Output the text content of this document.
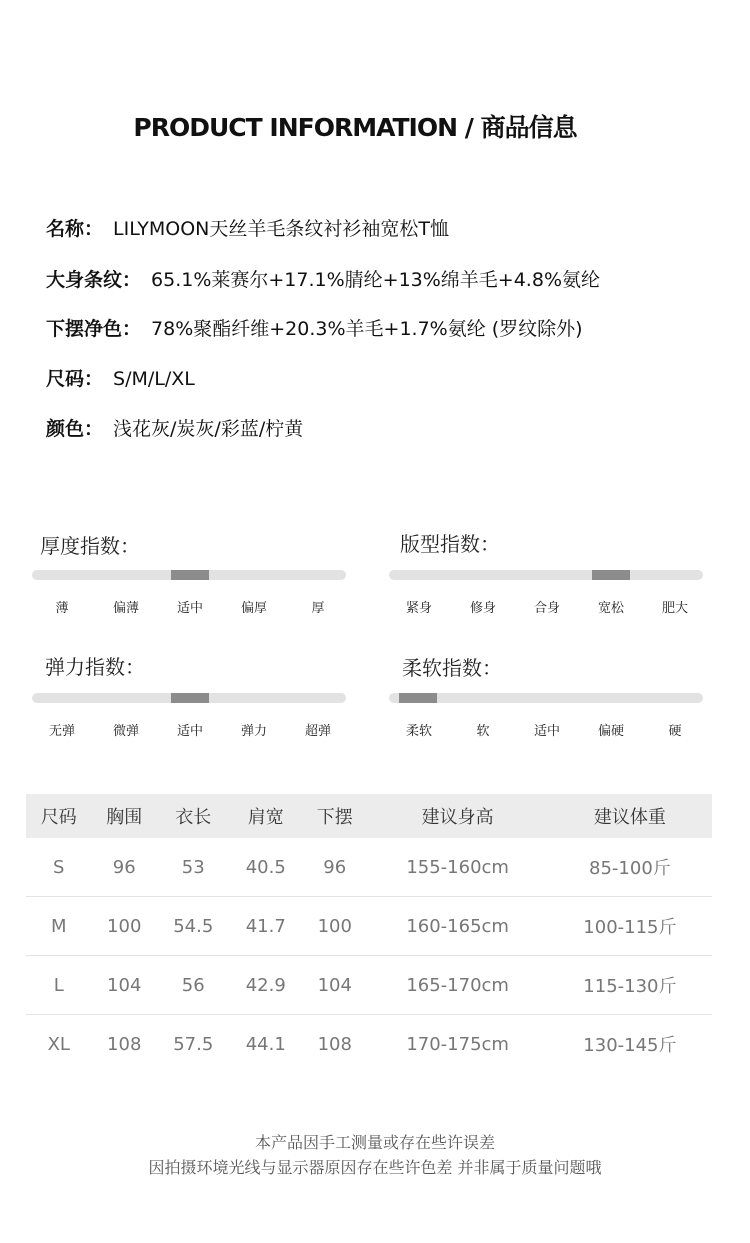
PRODUCT INFORMATION / 商品信息
名称： LILYMOON天丝羊毛条纹衬衫袖宽松T恤
大身条纹： 65.1%莱赛尔+17.1%腈纶+13%绵羊毛+4.8%氨纶
下摆净色： 78%聚酯纤维+20.3%羊毛+1.7%氨纶 (罗纹除外)
尺码： S/M/L/XL
颜色： 浅花灰/炭灰/彩蓝/柠黄
厚度指数：	版型指数：
弹力指数：	柔软指数：
尺码	胸围	衣长	肩宽	下摆	建议身高	建议体重
S	96	53	40.5	96	155-160cm	85-100斤
M	100	54.5	41.7	100	160-165cm	100-115斤
L	104	56	42.9	104	165-170cm	115-130斤
XL	108	57.5	44.1	108	170-175cm	130-145斤
本产品因手工测量或存在些许误差
因拍摄环境光线与显示器原因存在些许色差 并非属于质量问题哦
薄	偏薄	适中	偏厚	厚	紧身	修身	合身	宽松	肥大
无弹	微弹	适中	弹力	超弹	柔软	软	适中	偏硬	硬
